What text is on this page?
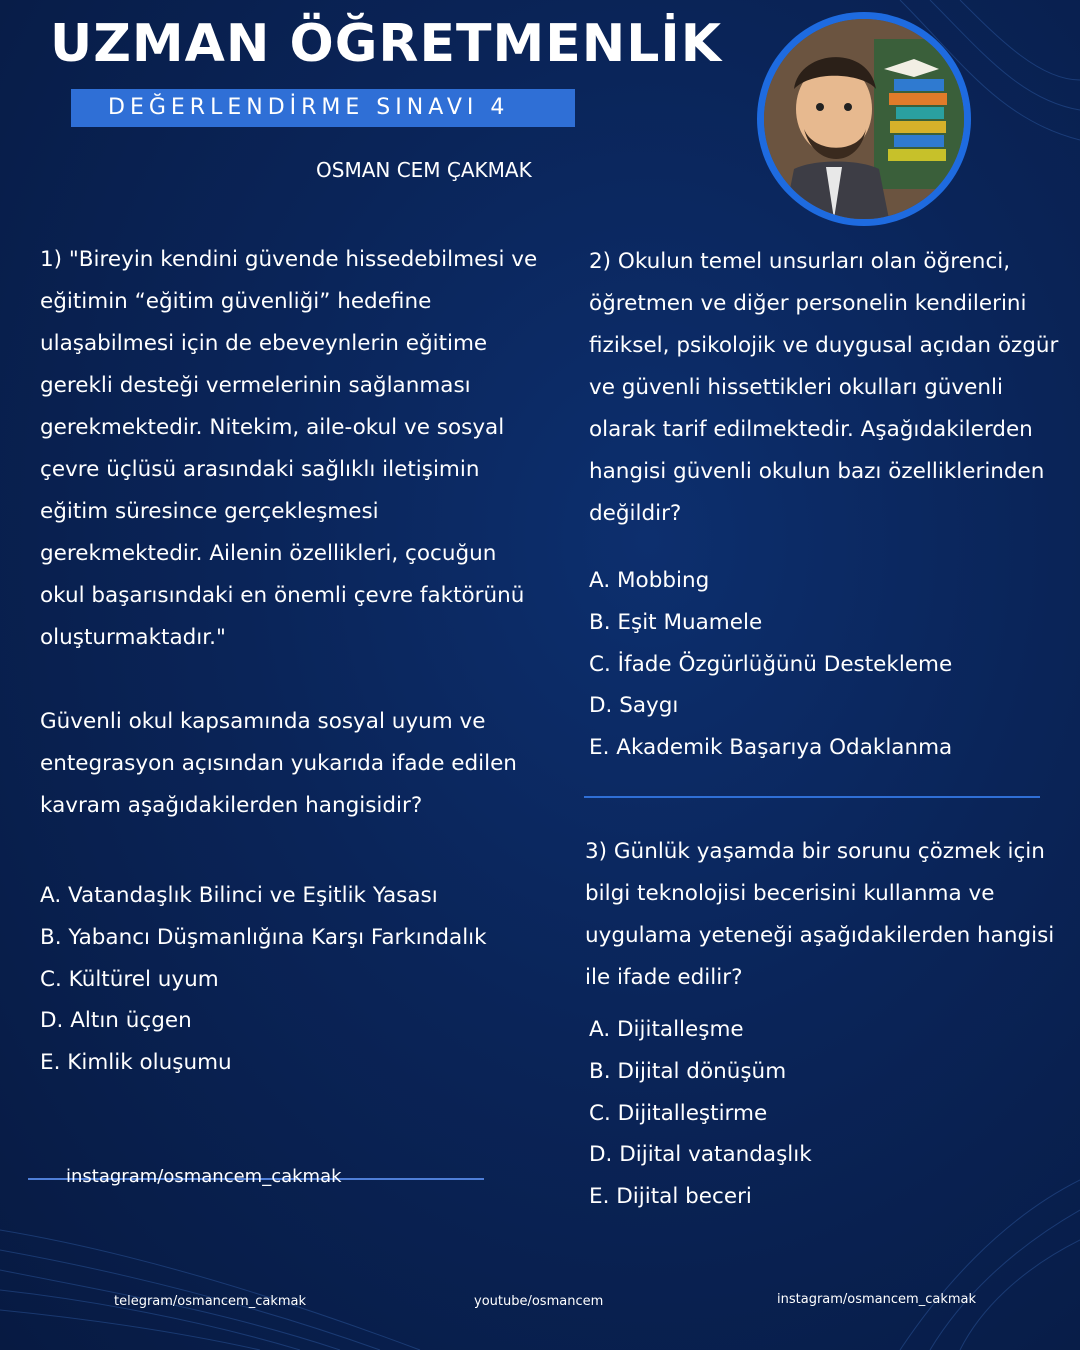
UZMAN ÖĞRETMENLİK
DEĞERLENDİRME SINAVI 4
OSMAN CEM ÇAKMAK

1) "Bireyin kendini güvende hissedebilmesi ve eğitimin “eğitim güvenliği” hedefine ulaşabilmesi için de ebeveynlerin eğitime gerekli desteği vermelerinin sağlanması gerekmektedir. Nitekim, aile-okul ve sosyal çevre üçlüsü arasındaki sağlıklı iletişimin eğitim süresince gerçekleşmesi gerekmektedir. Ailenin özellikleri, çocuğun okul başarısındaki en önemli çevre faktörünü oluşturmaktadır."

Güvenli okul kapsamında sosyal uyum ve entegrasyon açısından yukarıda ifade edilen kavram aşağıdakilerden hangisidir?

A. Vatandaşlık Bilinci ve Eşitlik Yasası
B. Yabancı Düşmanlığına Karşı Farkındalık
C. Kültürel uyum
D. Altın üçgen
E. Kimlik oluşumu

2) Okulun temel unsurları olan öğrenci, öğretmen ve diğer personelin kendilerini fiziksel, psikolojik ve duygusal açıdan özgür ve güvenli hissettikleri okulları güvenli olarak tarif edilmektedir. Aşağıdakilerden hangisi güvenli okulun bazı özelliklerinden değildir?

A. Mobbing
B. Eşit Muamele
C. İfade Özgürlüğünü Destekleme
D. Saygı
E. Akademik Başarıya Odaklanma

3) Günlük yaşamda bir sorunu çözmek için bilgi teknolojisi becerisini kullanma ve uygulama yeteneği aşağıdakilerden hangisi ile ifade edilir?

A. Dijitalleşme
B. Dijital dönüşüm
C. Dijitalleştirme
D. Dijital vatandaşlık
E. Dijital beceri
instagram/osmancem_cakmak
telegram/osmancem_cakmak	youtube/osmancem	instagram/osmancem_cakmak
